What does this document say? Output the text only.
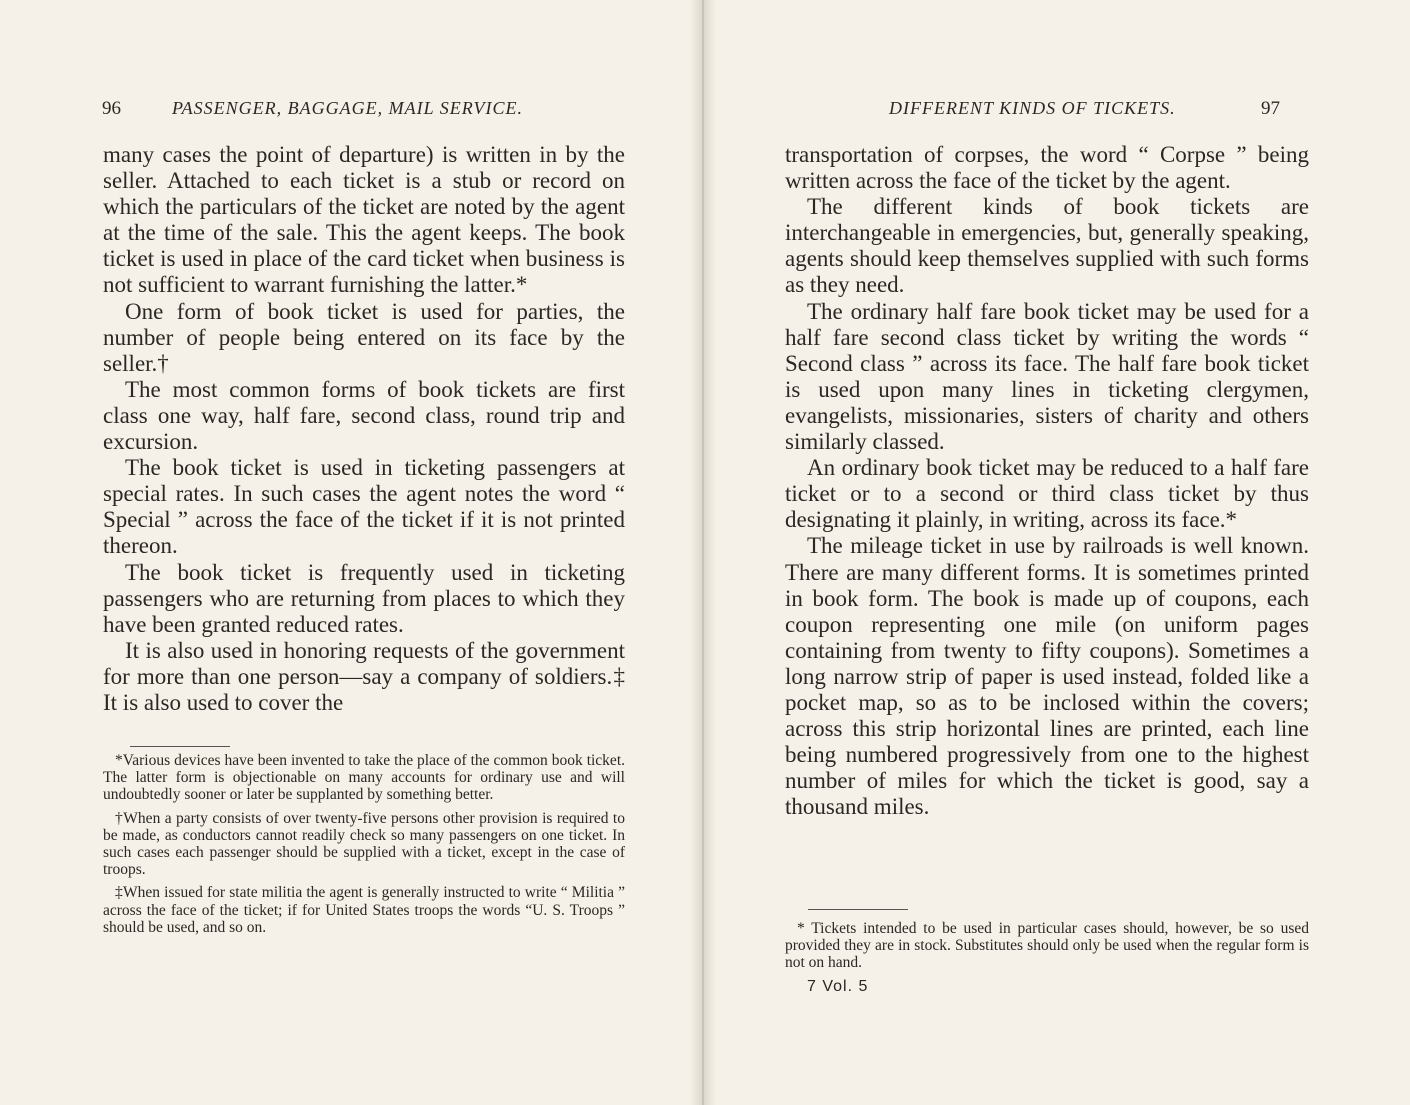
96	PASSENGER, BAGGAGE, MAIL SERVICE.

many cases the point of departure) is written in by the seller. Attached to each ticket is a stub or record on which the particulars of the ticket are noted by the agent at the time of the sale. This the agent keeps. The book ticket is used in place of the card ticket when business is not sufficient to warrant furnishing the latter.*

One form of book ticket is used for parties, the number of people being entered on its face by the seller.†

The most common forms of book tickets are first class one way, half fare, second class, round trip and excursion.

The book ticket is used in ticketing passengers at special rates. In such cases the agent notes the word “ Special ” across the face of the ticket if it is not printed thereon.

The book ticket is frequently used in ticketing passengers who are returning from places to which they have been granted reduced rates.

It is also used in honoring requests of the government for more than one person—say a company of soldiers.‡ It is also used to cover the

*Various devices have been invented to take the place of the common book ticket. The latter form is objectionable on many accounts for ordinary use and will undoubtedly sooner or later be supplanted by something better.

†When a party consists of over twenty-five persons other provision is required to be made, as conductors cannot readily check so many passengers on one ticket. In such cases each passenger should be supplied with a ticket, except in the case of troops.

‡When issued for state militia the agent is generally instructed to write “ Militia ” across the face of the ticket; if for United States troops the words “U. S. Troops ” should be used, and so on.

DIFFERENT KINDS OF TICKETS.	97

transportation of corpses, the word “ Corpse ” being written across the face of the ticket by the agent.

The different kinds of book tickets are interchangeable in emergencies, but, generally speaking, agents should keep themselves supplied with such forms as they need.

The ordinary half fare book ticket may be used for a half fare second class ticket by writing the words “ Second class ” across its face. The half fare book ticket is used upon many lines in ticketing clergymen, evangelists, missionaries, sisters of charity and others similarly classed.

An ordinary book ticket may be reduced to a half fare ticket or to a second or third class ticket by thus designating it plainly, in writing, across its face.*

The mileage ticket in use by railroads is well known. There are many different forms. It is sometimes printed in book form. The book is made up of coupons, each coupon representing one mile (on uniform pages containing from twenty to fifty coupons). Sometimes a long narrow strip of paper is used instead, folded like a pocket map, so as to be inclosed within the covers; across this strip horizontal lines are printed, each line being numbered progressively from one to the highest number of miles for which the ticket is good, say a thousand miles.

* Tickets intended to be used in particular cases should, however, be so used provided they are in stock. Substitutes should only be used when the regular form is not on hand.

7 Vol. 5
